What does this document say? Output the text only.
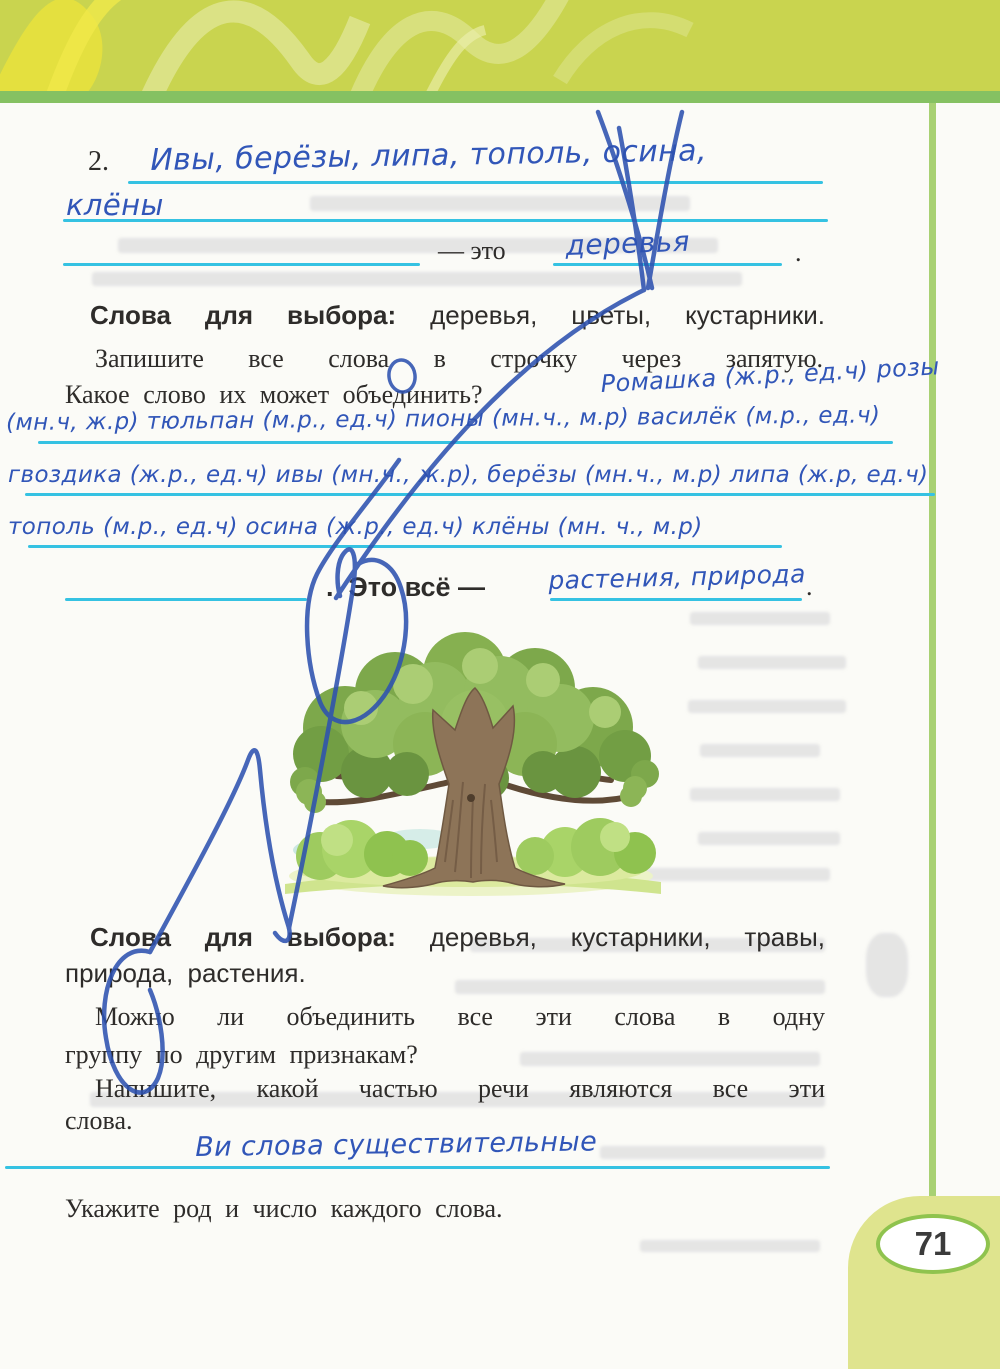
2. Ивы, берёзы, липа, тополь, осина,
клёны
— это деревья	.
Слова для выбора: деревья, цветы, кустарники.
Запишите все слова в строчку через запятую.
Какое слово их может объединить?	Ромашка (ж.р., ед.ч) розы
(мн.ч, ж.р) тюльпан (м.р., ед.ч) пионы (мн.ч., м.р) василёк (м.р., ед.ч)
гвоздика (ж.р., ед.ч) ивы (мн.ч., ж.р), берёзы (мн.ч., м.р) липа (ж.р, ед.ч)
тополь (м.р., ед.ч) осина (ж.р., ед.ч) клёны (мн. ч., м.р)
. Это всё —	растения, природа .
Слова для выбора: деревья, кустарники, травы,
природа, растения.
Можно ли объединить все эти слова в одну
группу по другим признакам?
Напишите, какой частью речи являются все эти
слова.
Ви слова существительные
Укажите род и число каждого слова.
71
